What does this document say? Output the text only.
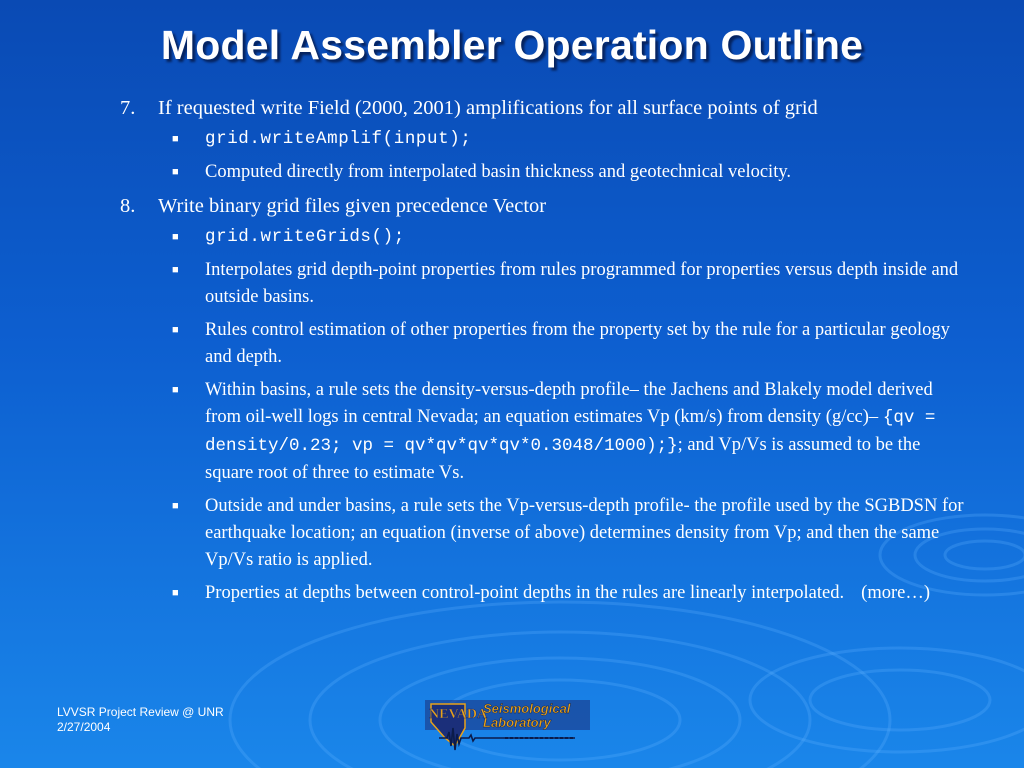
Model Assembler Operation Outline
7.	If requested write Field (2000, 2001) amplifications for all surface points of grid
■	grid.writeAmplif(input);
■	Computed directly from interpolated basin thickness and geotechnical velocity.
8.	Write binary grid files given precedence Vector
■	grid.writeGrids();
■	Interpolates grid depth-point properties from rules programmed for properties versus depth inside and outside basins.
■	Rules control estimation of other properties from the property set by the rule for a particular geology and depth.
■	Within basins, a rule sets the density-versus-depth profile– the Jachens and Blakely model derived from oil-well logs in central Nevada; an equation estimates Vp (km/s) from density (g/cc)– {qv = density/0.23; vp = qv*qv*qv*qv*0.3048/1000);}; and Vp/Vs is assumed to be the square root of three to estimate Vs.
■	Outside and under basins, a rule sets the Vp-versus-depth profile- the profile used by the SGBDSN for earthquake location; an equation (inverse of above) determines density from Vp; and then the same Vp/Vs ratio is applied.
■	Properties at depths between control-point depths in the rules are linearly interpolated. (more…)
LVVSR Project Review @ UNR
2/27/2004
NEVADA
Seismological
Laboratory
